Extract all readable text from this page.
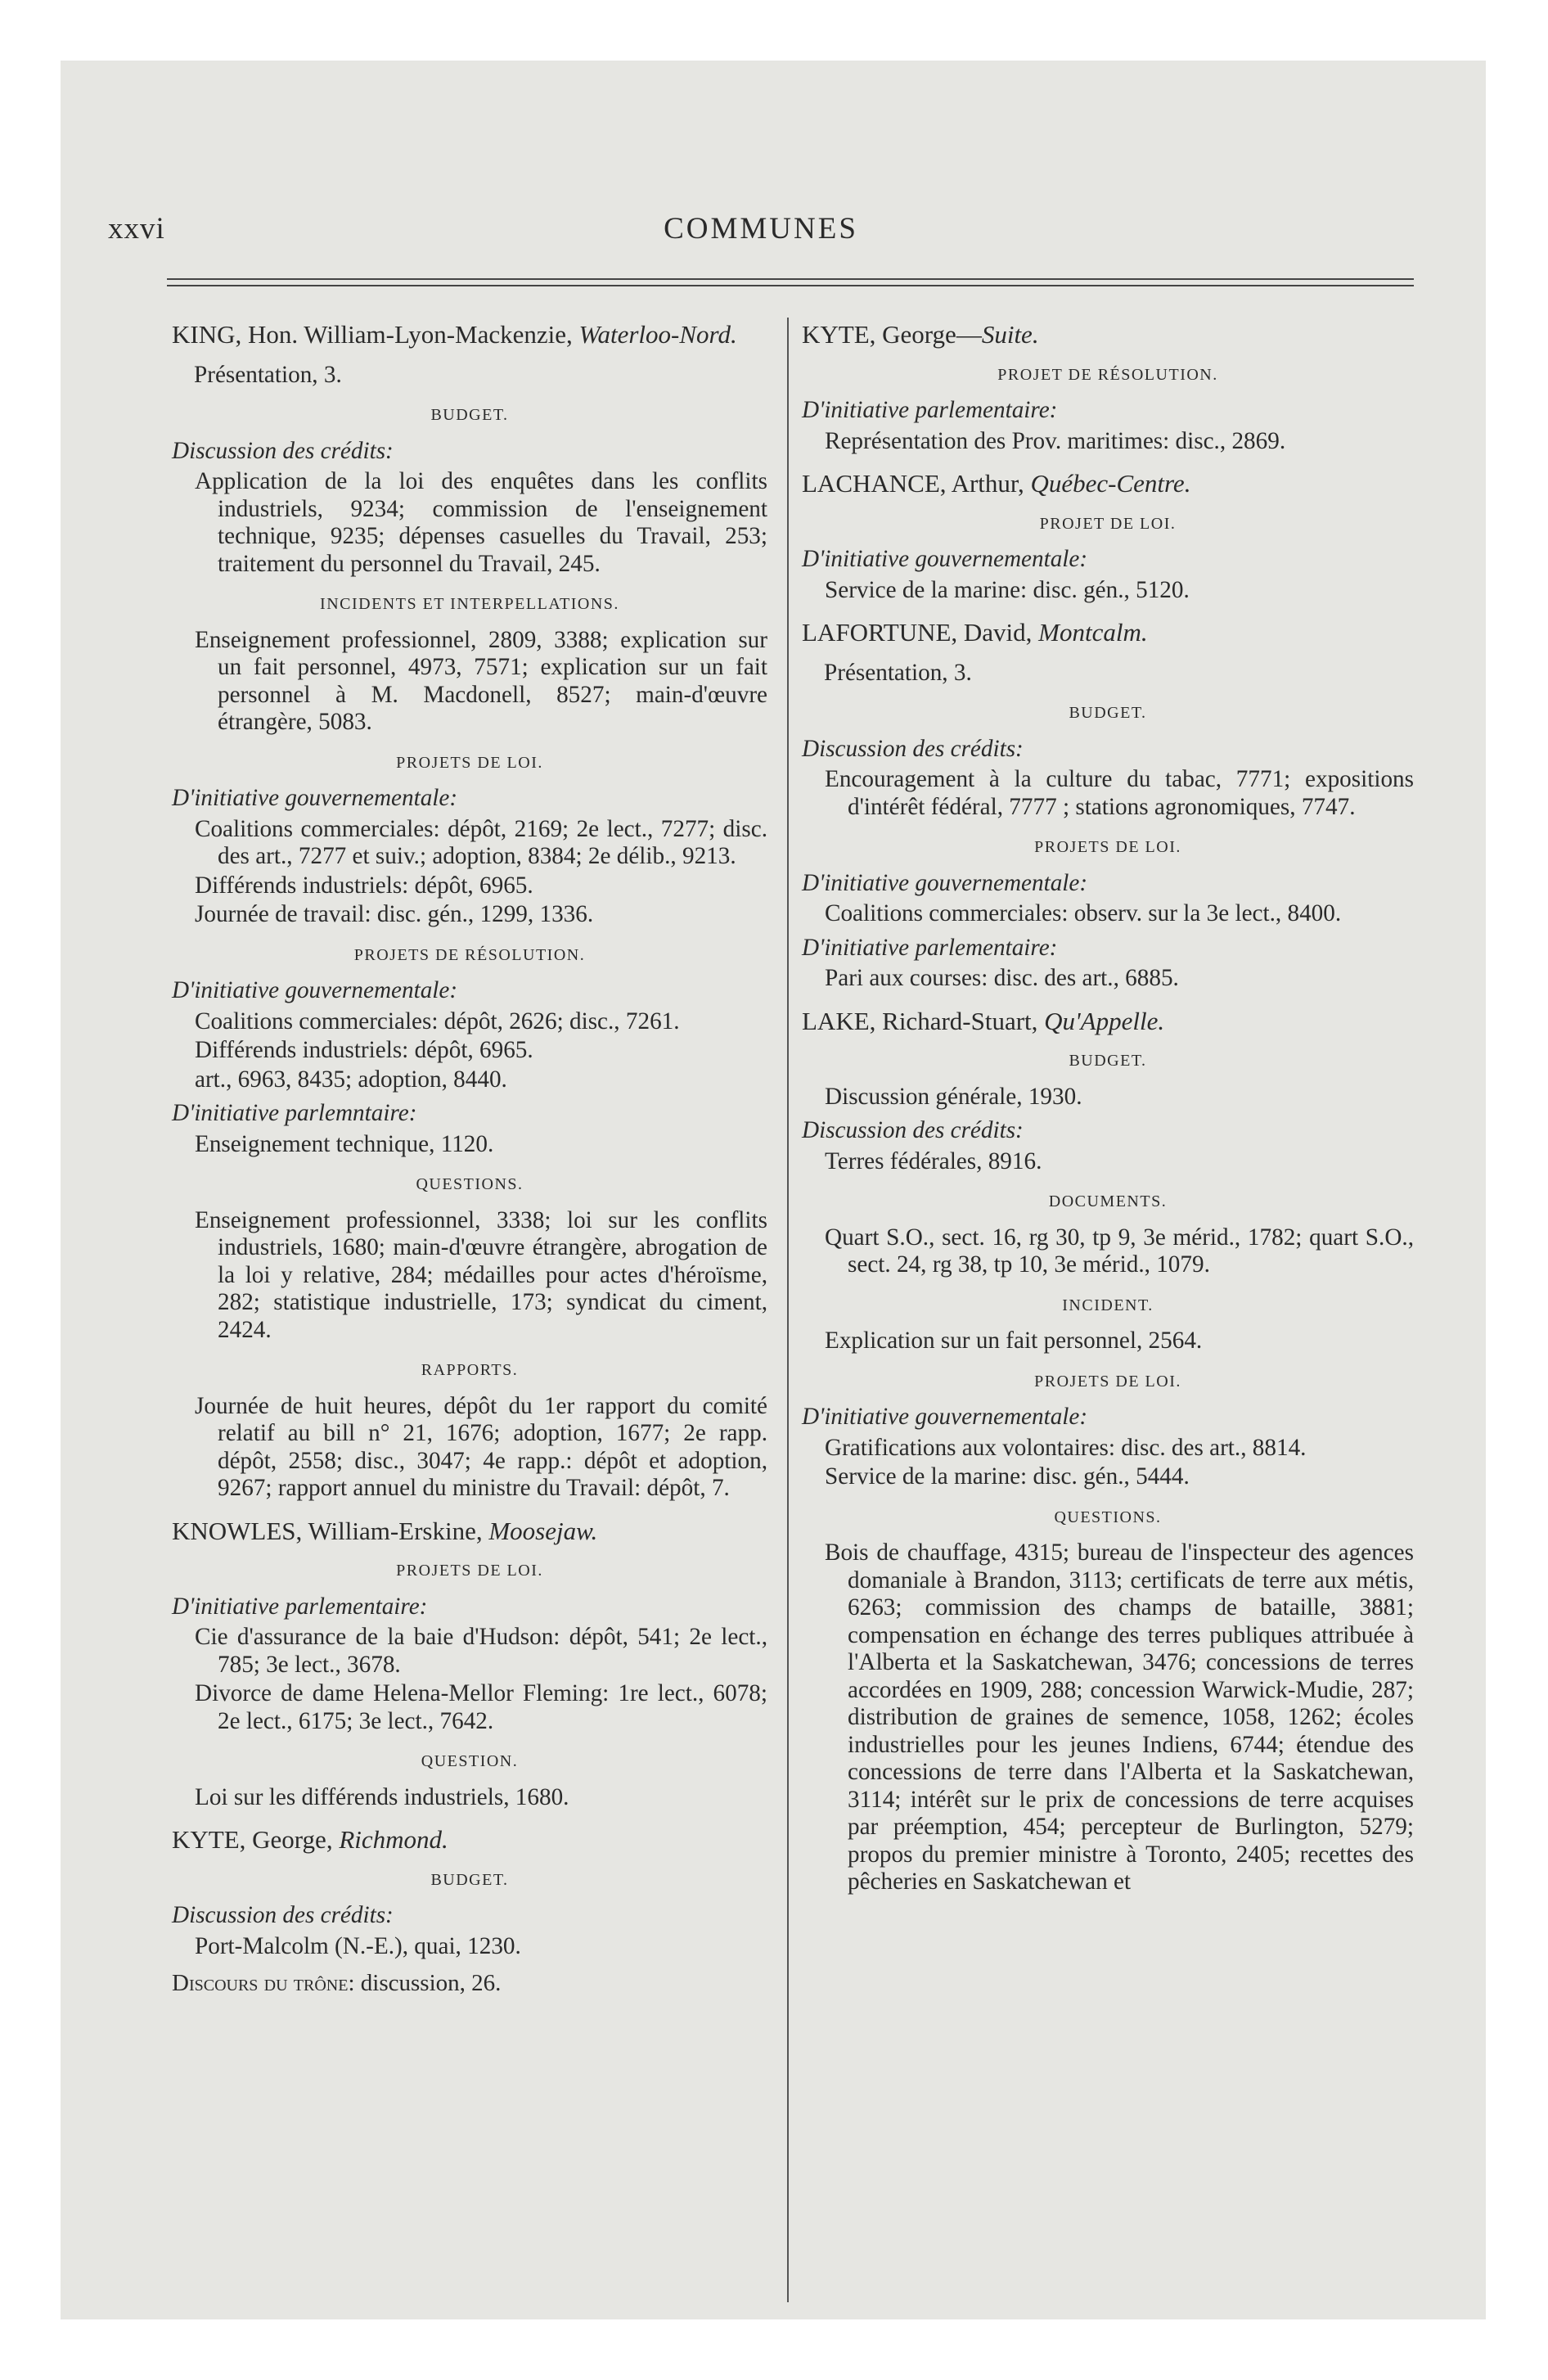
xxvi	COMMUNES

KING, Hon. William-Lyon-Mackenzie, Waterloo-Nord.

Présentation, 3.

BUDGET.
Discussion des crédits:

Application de la loi des enquêtes dans les conflits industriels, 9234; commission de l'enseignement technique, 9235; dépenses casuelles du Travail, 253; traitement du personnel du Travail, 245.

INCIDENTS ET INTERPELLATIONS.

Enseignement professionnel, 2809, 3388; explication sur un fait personnel, 4973, 7571; explication sur un fait personnel à M. Macdonell, 8527; main-d'œuvre étrangère, 5083.

PROJETS DE LOI.
D'initiative gouvernementale:

Coalitions commerciales: dépôt, 2169; 2e lect., 7277; disc. des art., 7277 et suiv.; adoption, 8384; 2e délib., 9213.

Différends industriels: dépôt, 6965.

Journée de travail: disc. gén., 1299, 1336.

PROJETS DE RÉSOLUTION.
D'initiative gouvernementale:

Coalitions commerciales: dépôt, 2626; disc., 7261.

Différends industriels: dépôt, 6965.

art., 6963, 8435; adoption, 8440.

D'initiative parlemntaire:

Enseignement technique, 1120.

QUESTIONS.

Enseignement professionnel, 3338; loi sur les conflits industriels, 1680; main-d'œuvre étrangère, abrogation de la loi y relative, 284; médailles pour actes d'héroïsme, 282; statistique industrielle, 173; syndicat du ciment, 2424.

RAPPORTS.

Journée de huit heures, dépôt du 1er rapport du comité relatif au bill n° 21, 1676; adoption, 1677; 2e rapp. dépôt, 2558; disc., 3047; 4e rapp.: dépôt et adoption, 9267; rapport annuel du ministre du Travail: dépôt, 7.

KNOWLES, William-Erskine, Moosejaw.

PROJETS DE LOI.
D'initiative parlementaire:

Cie d'assurance de la baie d'Hudson: dépôt, 541; 2e lect., 785; 3e lect., 3678.

Divorce de dame Helena-Mellor Fleming: 1re lect., 6078; 2e lect., 6175; 3e lect., 7642.

QUESTION.

Loi sur les différends industriels, 1680.

KYTE, George, Richmond.

BUDGET.
Discussion des crédits:

Port-Malcolm (N.-E.), quai, 1230.

Discours du trône: discussion, 26.

KYTE, George—Suite.

PROJET DE RÉSOLUTION.
D'initiative parlementaire:

Représentation des Prov. maritimes: disc., 2869.

LACHANCE, Arthur, Québec-Centre.

PROJET DE LOI.
D'initiative gouvernementale:

Service de la marine: disc. gén., 5120.

LAFORTUNE, David, Montcalm.

Présentation, 3.

BUDGET.
Discussion des crédits:

Encouragement à la culture du tabac, 7771; expositions d'intérêt fédéral, 7777 ; stations agronomiques, 7747.

PROJETS DE LOI.
D'initiative gouvernementale:

Coalitions commerciales: observ. sur la 3e lect., 8400.

D'initiative parlementaire:

Pari aux courses: disc. des art., 6885.

LAKE, Richard-Stuart, Qu'Appelle.

BUDGET.

Discussion générale, 1930.

Discussion des crédits:

Terres fédérales, 8916.

DOCUMENTS.

Quart S.O., sect. 16, rg 30, tp 9, 3e mérid., 1782; quart S.O., sect. 24, rg 38, tp 10, 3e mérid., 1079.

INCIDENT.

Explication sur un fait personnel, 2564.

PROJETS DE LOI.
D'initiative gouvernementale:

Gratifications aux volontaires: disc. des art., 8814.

Service de la marine: disc. gén., 5444.

QUESTIONS.

Bois de chauffage, 4315; bureau de l'inspecteur des agences domaniale à Brandon, 3113; certificats de terre aux métis, 6263; commission des champs de bataille, 3881; compensation en échange des terres publiques attribuée à l'Alberta et la Saskatchewan, 3476; concessions de terres accordées en 1909, 288; concession Warwick-Mudie, 287; distribution de graines de semence, 1058, 1262; écoles industrielles pour les jeunes Indiens, 6744; étendue des concessions de terre dans l'Alberta et la Saskatchewan, 3114; intérêt sur le prix de concessions de terre acquises par préemption, 454; percepteur de Burlington, 5279; propos du premier ministre à Toronto, 2405; recettes des pêcheries en Saskatchewan et
